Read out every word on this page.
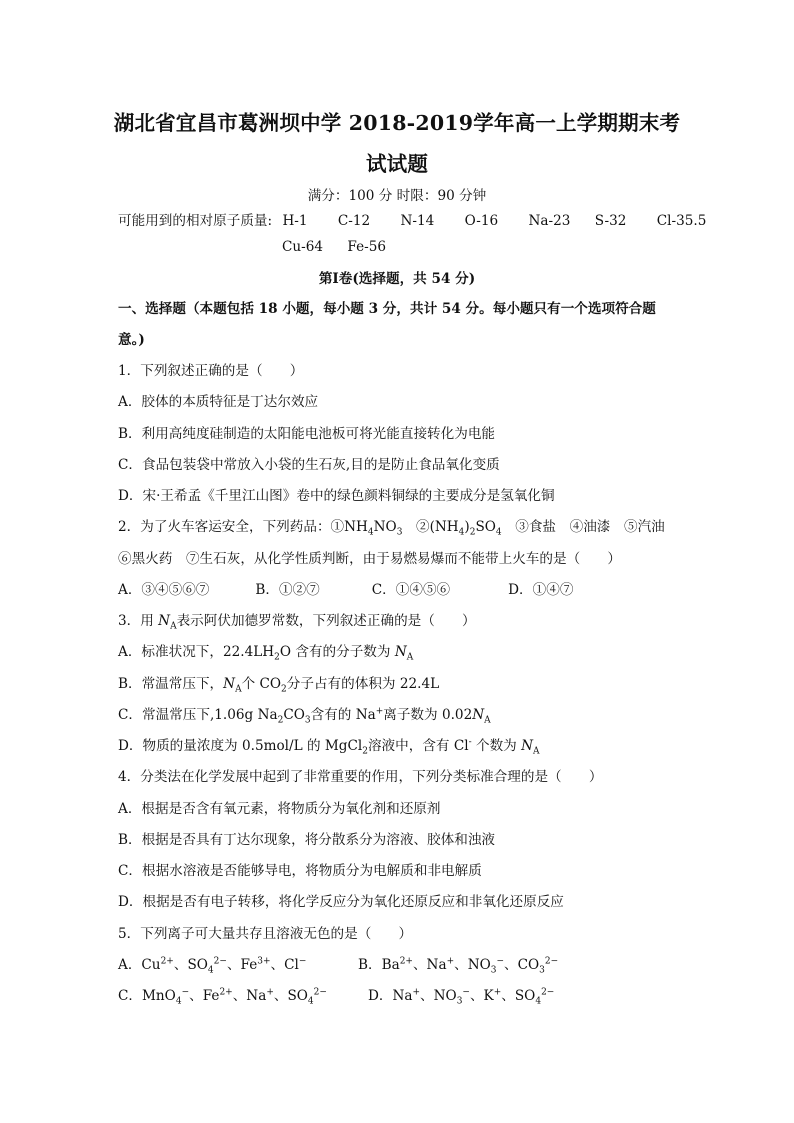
湖北省宜昌市葛洲坝中学 2018-2019学年高一上学期期末考
试试题
满分：100 分 时限：90 分钟
可能用到的相对原子质量: H-1 C-12 N-14 O-16 Na-23 S-32 Cl-35.5
Cu-64 Fe-56
第Ⅰ卷(选择题，共 54 分)
一、选择题（本题包括 18 小题，每小题 3 分，共计 54 分。每小题只有一个选项符合题
意。)
1．下列叙述正确的是（　　）
A．胶体的本质特征是丁达尔效应
B．利用高纯度硅制造的太阳能电池板可将光能直接转化为电能
C．食品包装袋中常放入小袋的生石灰,目的是防止食品氧化变质
D．宋·王希孟《千里江山图》卷中的绿色颜料铜绿的主要成分是氢氧化铜
2．为了火车客运安全，下列药品：$①NH_4NO_3$　$②(NH_4)_2SO_4$　③食盐　④油漆　⑤汽油
⑥黑火药　⑦生石灰，从化学性质判断，由于易燃易爆而不能带上火车的是（　　）
A．③④⑤⑥⑦	B．①②⑦	C．①④⑤⑥	D．①④⑦
3．用 $N_A$表示阿伏加德罗常数，下列叙述正确的是（　　）
A．标准状况下，$22.4LH_2O$ 含有的分子数为 $N_A$
B．常温常压下，$N_A$个 $CO_2$分子占有的体积为 22.4L
C．常温常压下,1.06g $Na_2CO_3$含有的 Na+离子数为 $0.02N_A$
D．物质的量浓度为 0.5mol/L 的 MgCl$_2$溶液中，含有 Cl- 个数为 $N_A$
4．分类法在化学发展中起到了非常重要的作用，下列分类标准合理的是（　　）
A．根据是否含有氧元素，将物质分为氧化剂和还原剂
B．根据是否具有丁达尔现象，将分散系分为溶液、胶体和浊液
C．根据水溶液是否能够导电，将物质分为电解质和非电解质
D．根据是否有电子转移，将化学反应分为氧化还原反应和非氧化还原反应
5．下列离子可大量共存且溶液无色的是（　　）
A．$Cu^{2+}$、$SO_4^{2-}$、$Fe^{3+}$、Cl−	B．$Ba^{2+}$、Na+、$NO_3^-$、$CO_3^{2-}$
C．MnO$_4$−、$Fe^{2+}$、Na+、$SO_4^{2-}$	D．Na+、$NO_3^-$、K+、$SO_4^{2-}$
